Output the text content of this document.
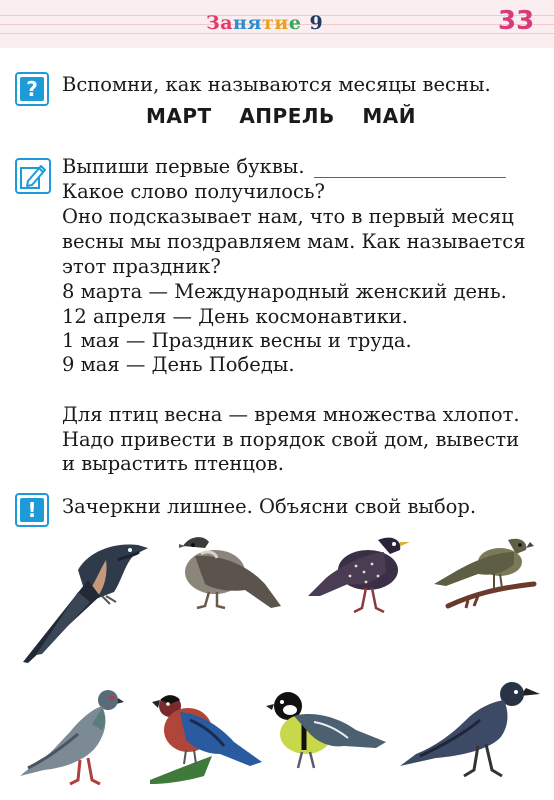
Занятие 9	33
?	Вспомни, как называются месяцы весны.
МАРТ АПРЕЛЬ МАЙ
Выпиши первые буквы.
Какое слово получилось?
Оно подсказывает нам, что в первый месяц
весны мы поздравляем мам. Как называется
этот праздник?
8 марта — Международный женский день.
12 апреля — День космонавтики.
1 мая — Праздник весны и труда.
9 мая — День Победы.
Для птиц весна — время множества хлопот.
Надо привести в порядок свой дом, вывести
и вырастить птенцов.
!	Зачеркни лишнее. Объясни свой выбор.
